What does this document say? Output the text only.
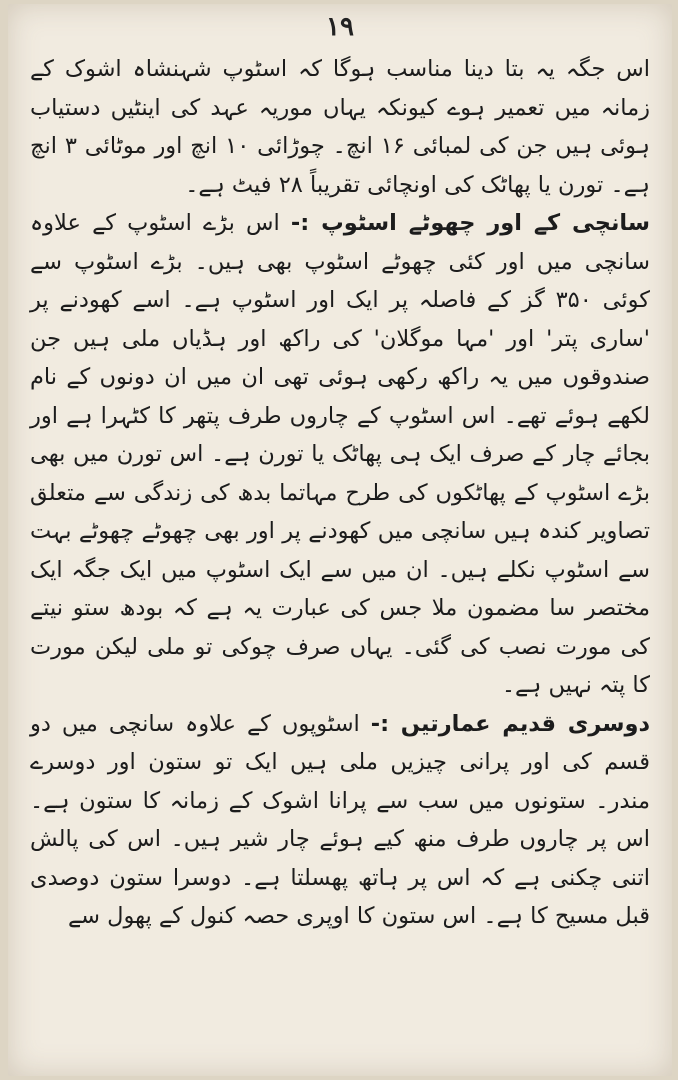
۱۹

اس جگہ یہ بتا دینا مناسب ہوگا کہ اسٹوپ شہنشاہ اشوک کے زمانہ میں تعمیر ہوے کیونکہ یہاں موریہ عہد کی اینٹیں دستیاب ہوئی ہیں جن کی لمبائی ۱۶ انچ۔ چوڑائی ۱۰ انچ اور موٹائی ۳ انچ ہے۔ تورن یا پھاٹک کی اونچائی تقریباً ۲۸ فیٹ ہے۔

سانچی کے اور چھوٹے اسٹوپ :- اس بڑے اسٹوپ کے علاوہ سانچی میں اور کئی چھوٹے اسٹوپ بھی ہیں۔ بڑے اسٹوپ سے کوئی ۳۵۰ گز کے فاصلہ پر ایک اور اسٹوپ ہے۔ اسے کھودنے پر 'ساری پتر' اور 'مہا موگلان' کی راکھ اور ہڈیاں ملی ہیں جن صندوقوں میں یہ راکھ رکھی ہوئی تھی ان میں ان دونوں کے نام لکھے ہوئے تھے۔ اس اسٹوپ کے چاروں طرف پتھر کا کٹہرا ہے اور بجائے چار کے صرف ایک ہی پھاٹک یا تورن ہے۔ اس تورن میں بھی بڑے اسٹوپ کے پھاٹکوں کی طرح مہاتما بدھ کی زندگی سے متعلق تصاویر کندہ ہیں سانچی میں کھودنے پر اور بھی چھوٹے چھوٹے بہت سے اسٹوپ نکلے ہیں۔ ان میں سے ایک اسٹوپ میں ایک جگہ ایک مختصر سا مضمون ملا جس کی عبارت یہ ہے کہ بودھ ستو نیتے کی مورت نصب کی گئی۔ یہاں صرف چوکی تو ملی لیکن مورت کا پتہ نہیں ہے۔

دوسری قدیم عمارتیں :- اسٹوپوں کے علاوہ سانچی میں دو قسم کی اور پرانی چیزیں ملی ہیں ایک تو ستون اور دوسرے مندر۔ ستونوں میں سب سے پرانا اشوک کے زمانہ کا ستون ہے۔ اس پر چاروں طرف منھ کیے ہوئے چار شیر ہیں۔ اس کی پالش اتنی چکنی ہے کہ اس پر ہاتھ پھسلتا ہے۔ دوسرا ستون دوصدی قبل مسیح کا ہے۔ اس ستون کا اوپری حصہ کنول کے پھول سے
